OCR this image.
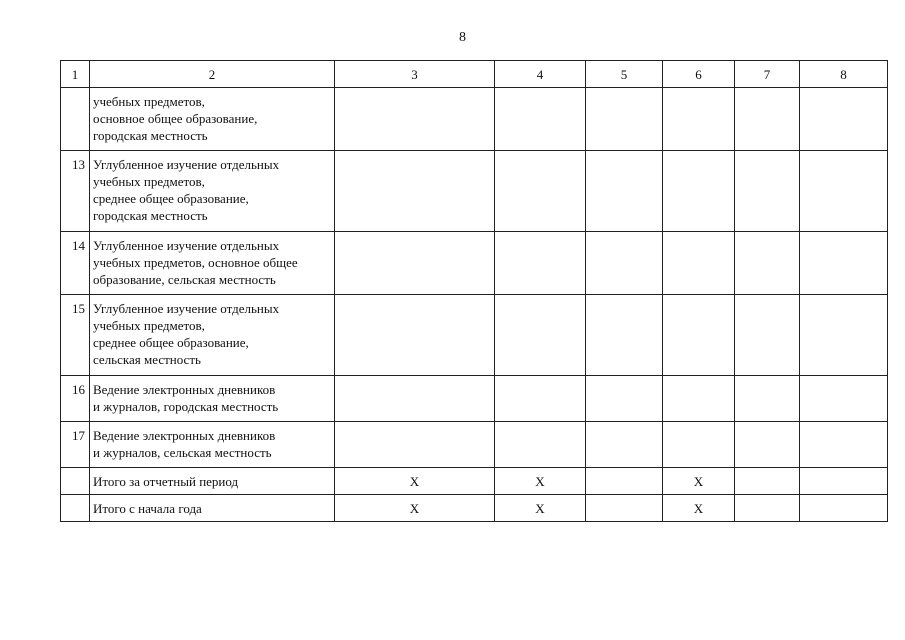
8
1	2	3	4	5	6	7	8
	учебных предметов,
основное общее образование,
городская местность						
13	Углубленное изучение отдельных
учебных предметов,
среднее общее образование,
городская местность						
14	Углубленное изучение отдельных
учебных предметов, основное общее
образование, сельская местность						
15	Углубленное изучение отдельных
учебных предметов,
среднее общее образование,
сельская местность						
16	Ведение электронных дневников
и журналов, городская местность						
17	Ведение электронных дневников
и журналов, сельская местность						
	Итого за отчетный период	X	X		X		
	Итого с начала года	X	X		X		
